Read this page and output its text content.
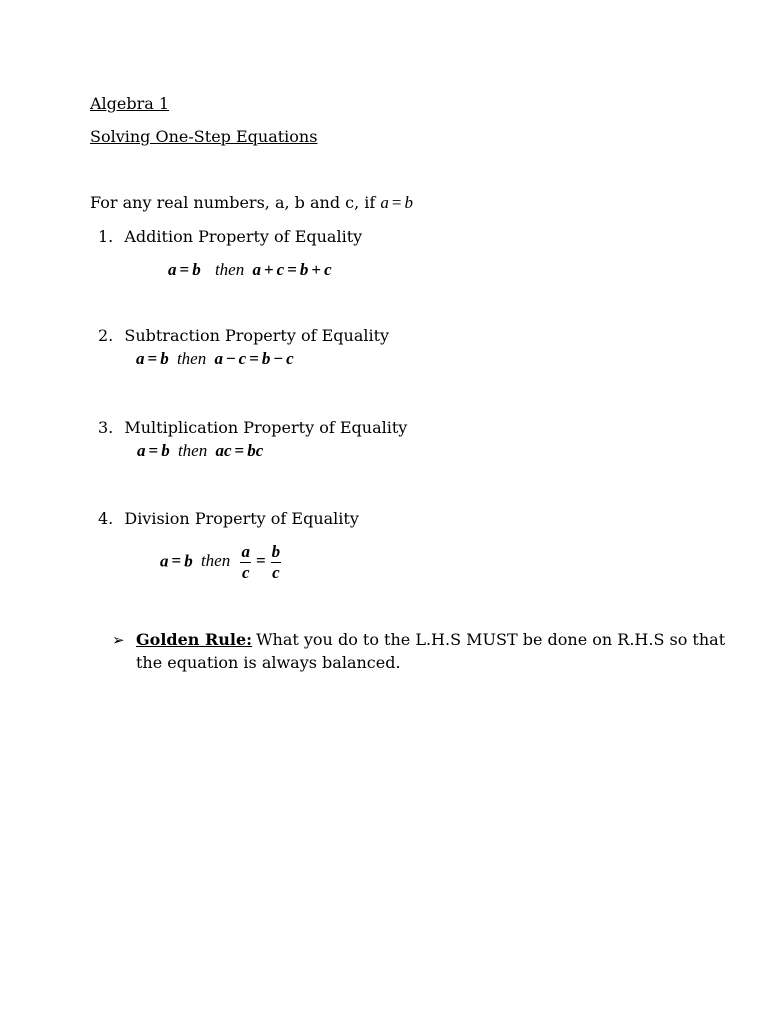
Algebra 1
Solving One-Step Equations
For any real numbers, a, b and c, if a = b
1. Addition Property of Equality
a = b then a + c = b + c
2. Subtraction Property of Equality
a = b then a − c = b − c
3. Multiplication Property of Equality
a = b then ac = bc
4. Division Property of Equality
a = b then $\frac{a}{c} = \frac{b}{c}$
➢ Golden Rule: What you do to the L.H.S MUST be done on R.H.S so that
the equation is always balanced.
